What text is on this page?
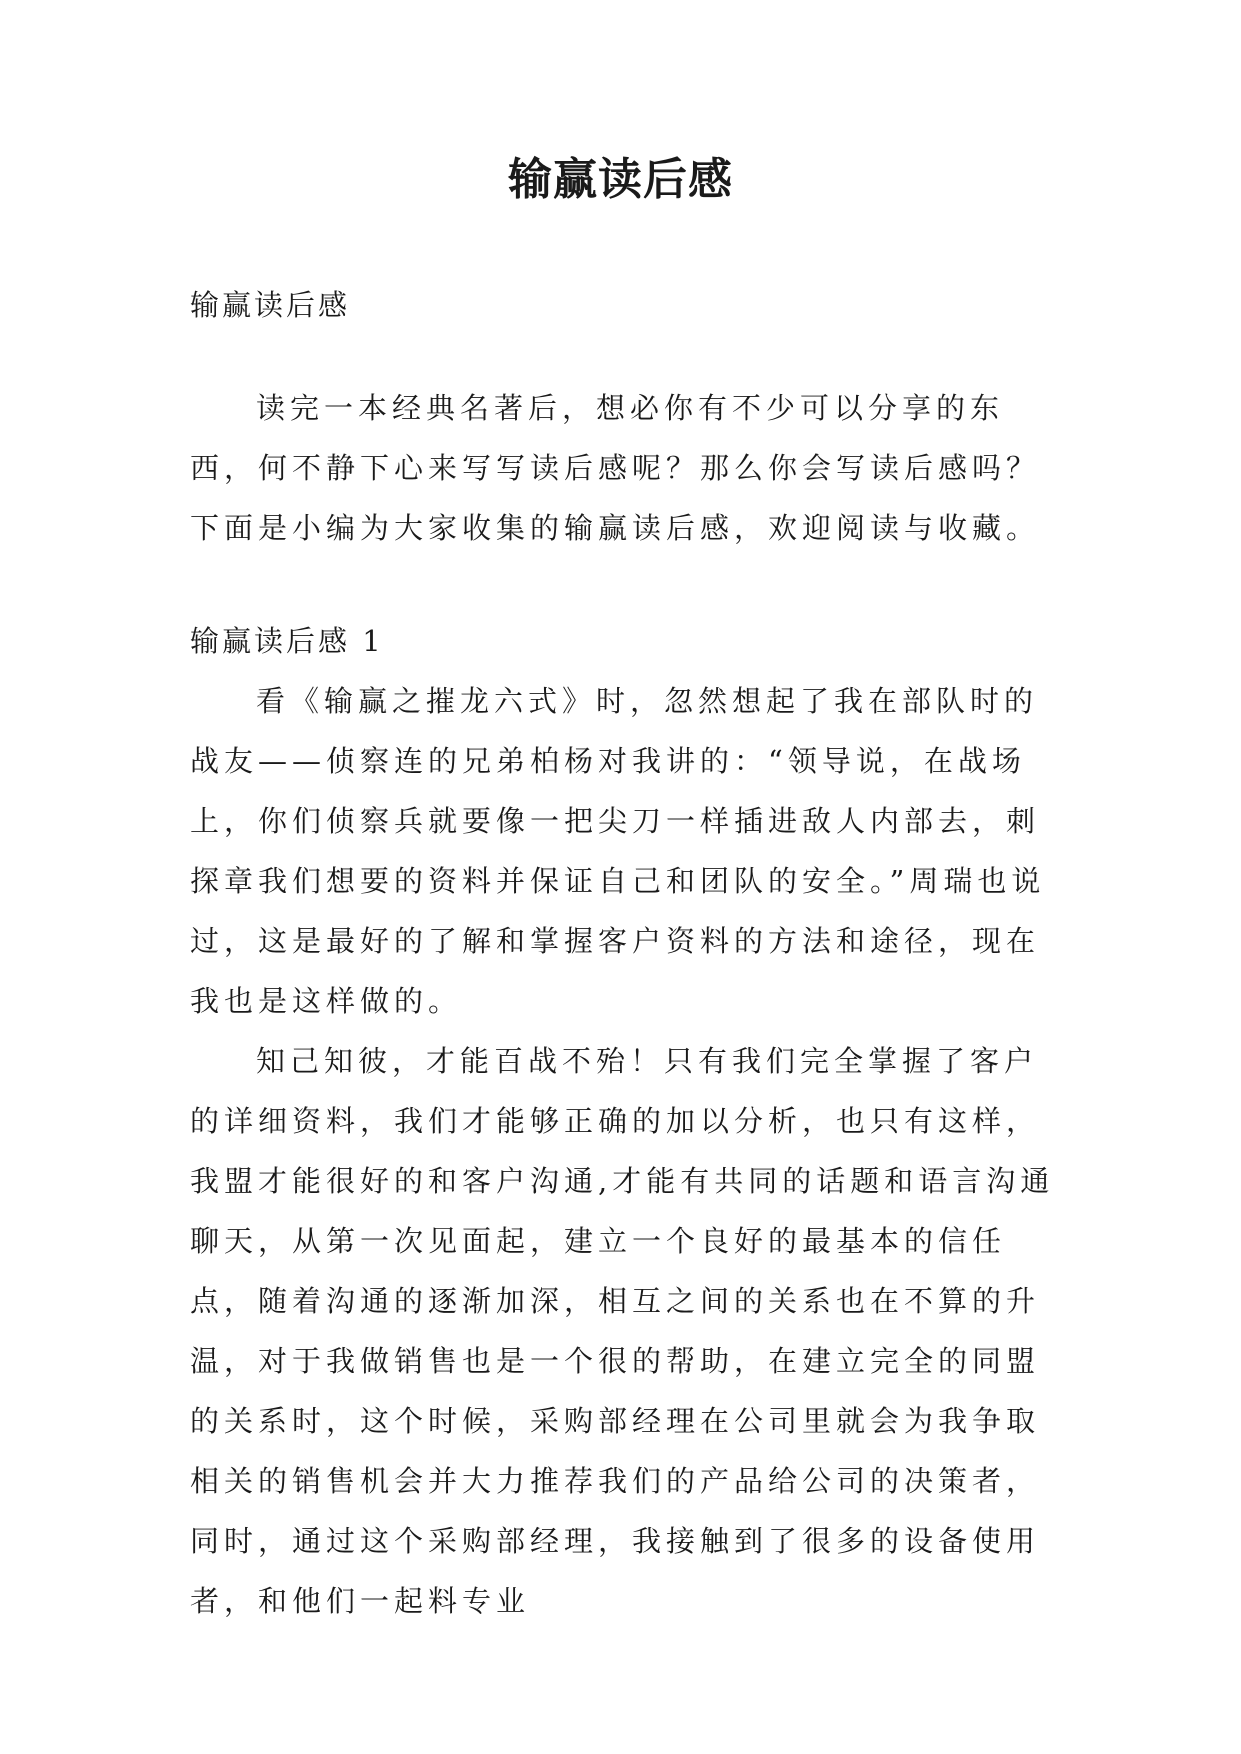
输赢读后感

输赢读后感

读完一本经典名著后，想必你有不少可以分享的东西，何不静下心来写写读后感呢？那么你会写读后感吗？下面是小编为大家收集的输赢读后感，欢迎阅读与收藏。

输赢读后感 1

看《输赢之摧龙六式》时，忽然想起了我在部队时的战友——侦察连的兄弟柏杨对我讲的：“领导说，在战场上，你们侦察兵就要像一把尖刀一样插进敌人内部去，刺探章我们想要的资料并保证自己和团队的安全。”周瑞也说过，这是最好的了解和掌握客户资料的方法和途径，现在我也是这样做的。

知己知彼，才能百战不殆！只有我们完全掌握了客户的详细资料，我们才能够正确的加以分析，也只有这样，我盟才能很好的和客户沟通,才能有共同的话题和语言沟通聊天，从第一次见面起，建立一个良好的最基本的信任点，随着沟通的逐渐加深，相互之间的关系也在不算的升温，对于我做销售也是一个很的帮助，在建立完全的同盟的关系时，这个时候，采购部经理在公司里就会为我争取相关的销售机会并大力推荐我们的产品给公司的决策者，同时，通过这个采购部经理，我接触到了很多的设备使用者，和他们一起料专业
